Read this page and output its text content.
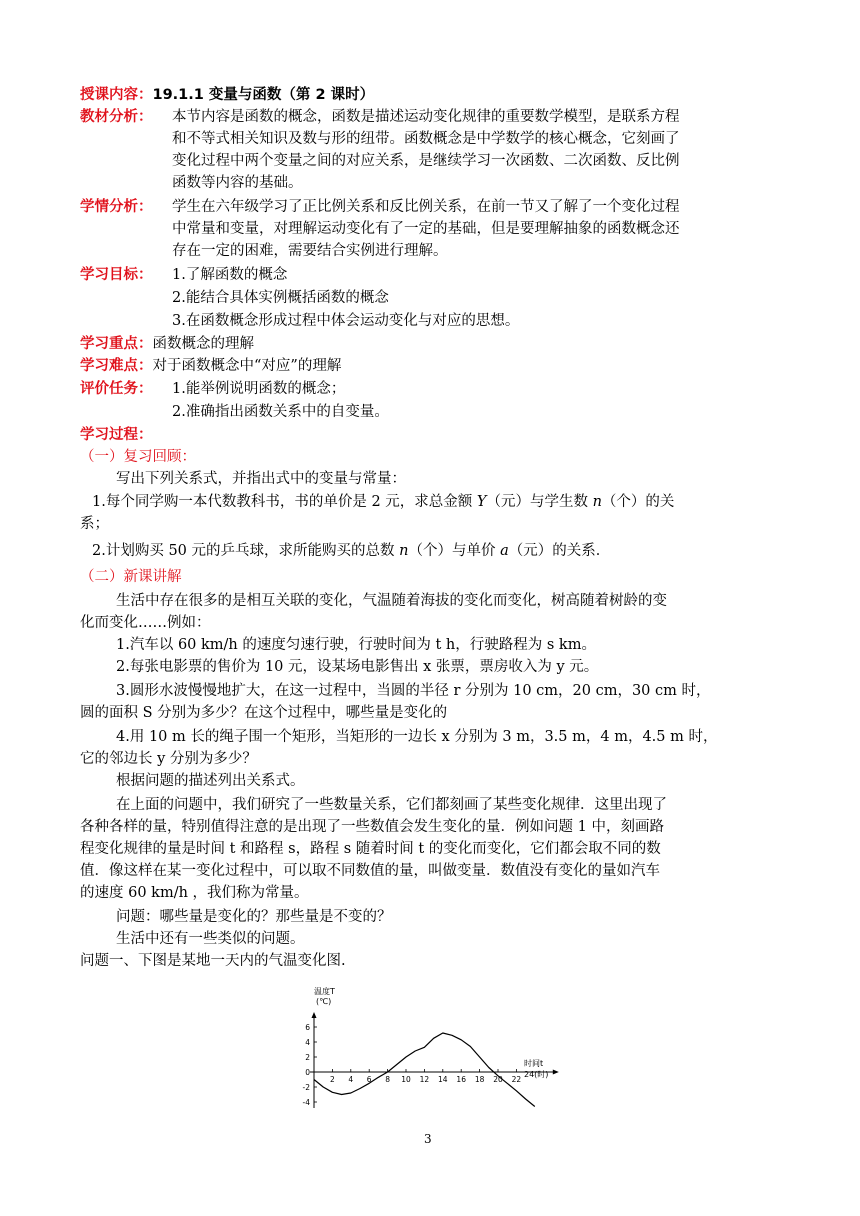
授课内容：19.1.1 变量与函数（第 2 课时）
教材分析： 本节内容是函数的概念，函数是描述运动变化规律的重要数学模型，是联系方程
和不等式相关知识及数与形的纽带。函数概念是中学数学的核心概念，它刻画了
变化过程中两个变量之间的对应关系，是继续学习一次函数、二次函数、反比例
函数等内容的基础。
学情分析： 学生在六年级学习了正比例关系和反比例关系，在前一节又了解了一个变化过程
中常量和变量，对理解运动变化有了一定的基础，但是要理解抽象的函数概念还
存在一定的困难，需要结合实例进行理解。
学习目标： 1.了解函数的概念
2.能结合具体实例概括函数的概念
3.在函数概念形成过程中体会运动变化与对应的思想。
学习重点：函数概念的理解
学习难点：对于函数概念中“对应”的理解
评价任务： 1.能举例说明函数的概念；
2.准确指出函数关系中的自变量。
学习过程：
（一）复习回顾：
写出下列关系式，并指出式中的变量与常量：
1.每个同学购一本代数教科书，书的单价是 2 元，求总金额 Y（元）与学生数 n（个）的关
系；
2.计划购买 50 元的乒乓球，求所能购买的总数 n（个）与单价 a（元）的关系．
（二）新课讲解
生活中存在很多的是相互关联的变化，气温随着海拔的变化而变化，树高随着树龄的变
化而变化……例如：
1.汽车以 60 km/h 的速度匀速行驶，行驶时间为 t h，行驶路程为 s km。
2.每张电影票的售价为 10 元，设某场电影售出 x 张票，票房收入为 y 元。
3.圆形水波慢慢地扩大，在这一过程中，当圆的半径 r 分别为 10 cm，20 cm，30 cm 时，
圆的面积 S 分别为多少？在这个过程中，哪些量是变化的
4.用 10 m 长的绳子围一个矩形，当矩形的一边长 x 分别为 3 m，3.5 m，4 m，4.5 m 时，
它的邻边长 y 分别为多少？
根据问题的描述列出关系式。
在上面的问题中，我们研究了一些数量关系，它们都刻画了某些变化规律．这里出现了
各种各样的量，特别值得注意的是出现了一些数值会发生变化的量．例如问题 1 中，刻画路
程变化规律的量是时间 t 和路程 s，路程 s 随着时间 t 的变化而变化，它们都会取不同的数
值．像这样在某一变化过程中，可以取不同数值的量，叫做变量．数值没有变化的量如汽车
的速度 60 km/h ，我们称为常量。
问题：哪些量是变化的？那些量是不变的？
生活中还有一些类似的问题。
问题一、下图是某地一天内的气温变化图.
2 4 6 8 10 12 14 16 18 20 22
6
4
2
0
-2
-4
温度T
(℃)
时间t
24(时)
3
